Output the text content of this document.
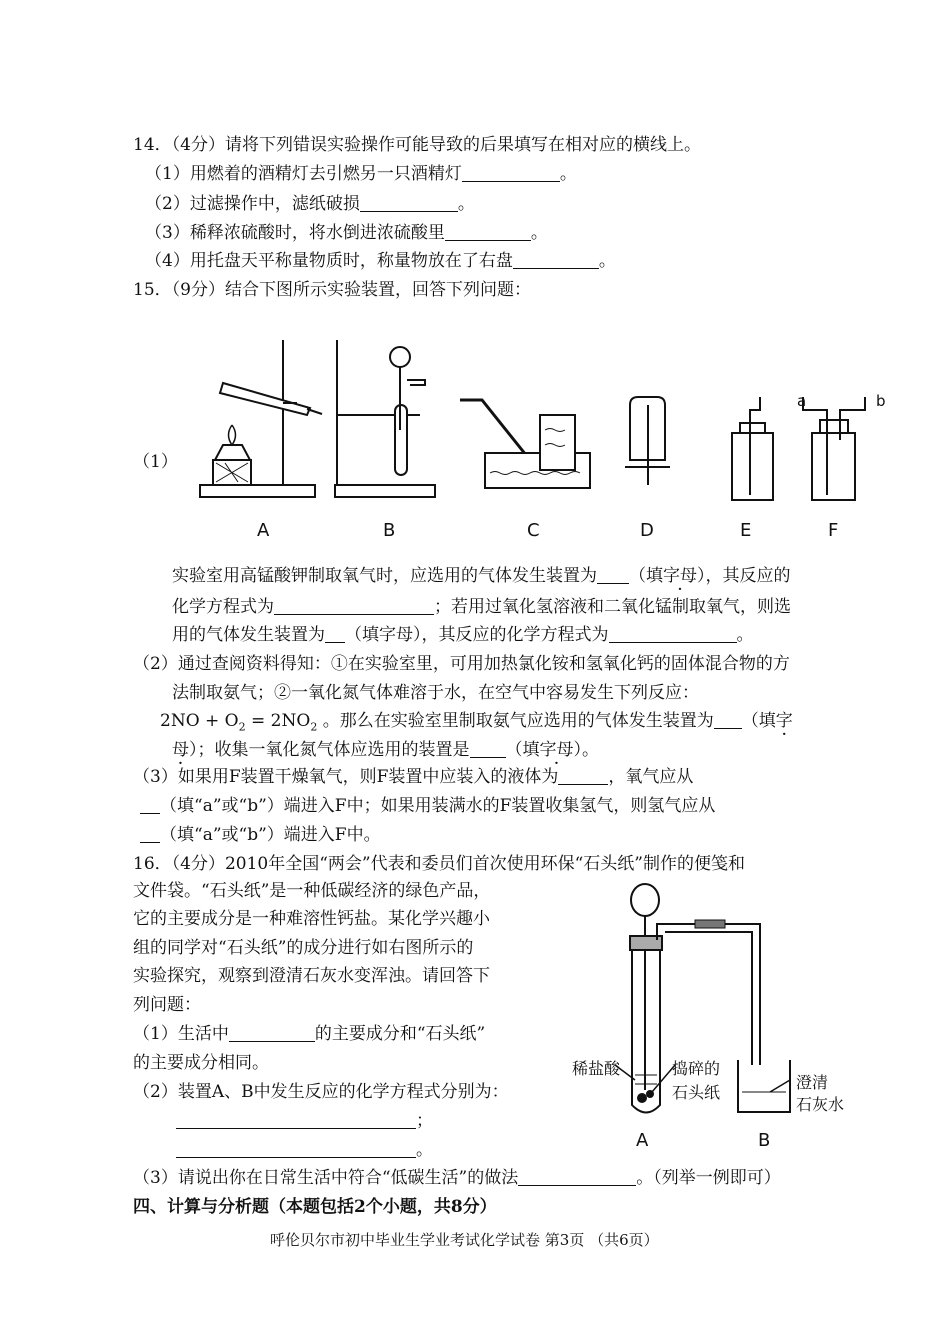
14．（4分）请将下列错误实验操作可能导致的后果填写在相对应的横线上。
（1）用燃着的酒精灯去引燃另一只酒精灯	。
（2）过滤操作中，滤纸破损	。
（3）稀释浓硫酸时，将水倒进浓硫酸里	。
（4）用托盘天平称量物质时，称量物放在了右盘	。
15．（9分）结合下图所示实验装置，回答下列问题：
（1）
A	B	C	D	E	F
a	b
实验室用高锰酸钾制取氧气时，应选用的气体发生装置为 （填字母），其反应的
化学方程式为	；若用过氧化氢溶液和二氧化锰制取氧气，则选
用的气体发生装置为 （填字母），其反应的化学方程式为	。
（2）通过查阅资料得知：①在实验室里，可用加热氯化铵和氢氧化钙的固体混合物的方
法制取氨气；②一氧化氮气体难溶于水，在空气中容易发生下列反应：
$2NO + O_2 = 2NO_2$ 。那么在实验室里制取氨气应选用的气体发生装置为 （填字
母）；收集一氧化氮气体应选用的装置是 （填字母）。
（3）如果用F装置干燥氧气，则F装置中应装入的液体为	，氧气应从
（填“a”或“b”）端进入F中；如果用装满水的F装置收集氢气，则氢气应从
（填“a”或“b”）端进入F中。
16．（4分）2010年全国“两会”代表和委员们首次使用环保“石头纸”制作的便笺和
文件袋。“石头纸”是一种低碳经济的绿色产品，
它的主要成分是一种难溶性钙盐。某化学兴趣小
组的同学对“石头纸”的成分进行如右图所示的
实验探究，观察到澄清石灰水变浑浊。请回答下
列问题：
（1）生活中	的主要成分和“石头纸”
的主要成分相同。
（2）装置A、B中发生反应的化学方程式分别为：
；
。
（3）请说出你在日常生活中符合“低碳生活”的做法	。（列举一例即可）
稀盐酸	捣碎的
石头纸
澄清
石灰水
A	B
四、计算与分析题（本题包括2个小题，共8分）
呼伦贝尔市初中毕业生学业考试化学试卷 第3页 （共6页）
